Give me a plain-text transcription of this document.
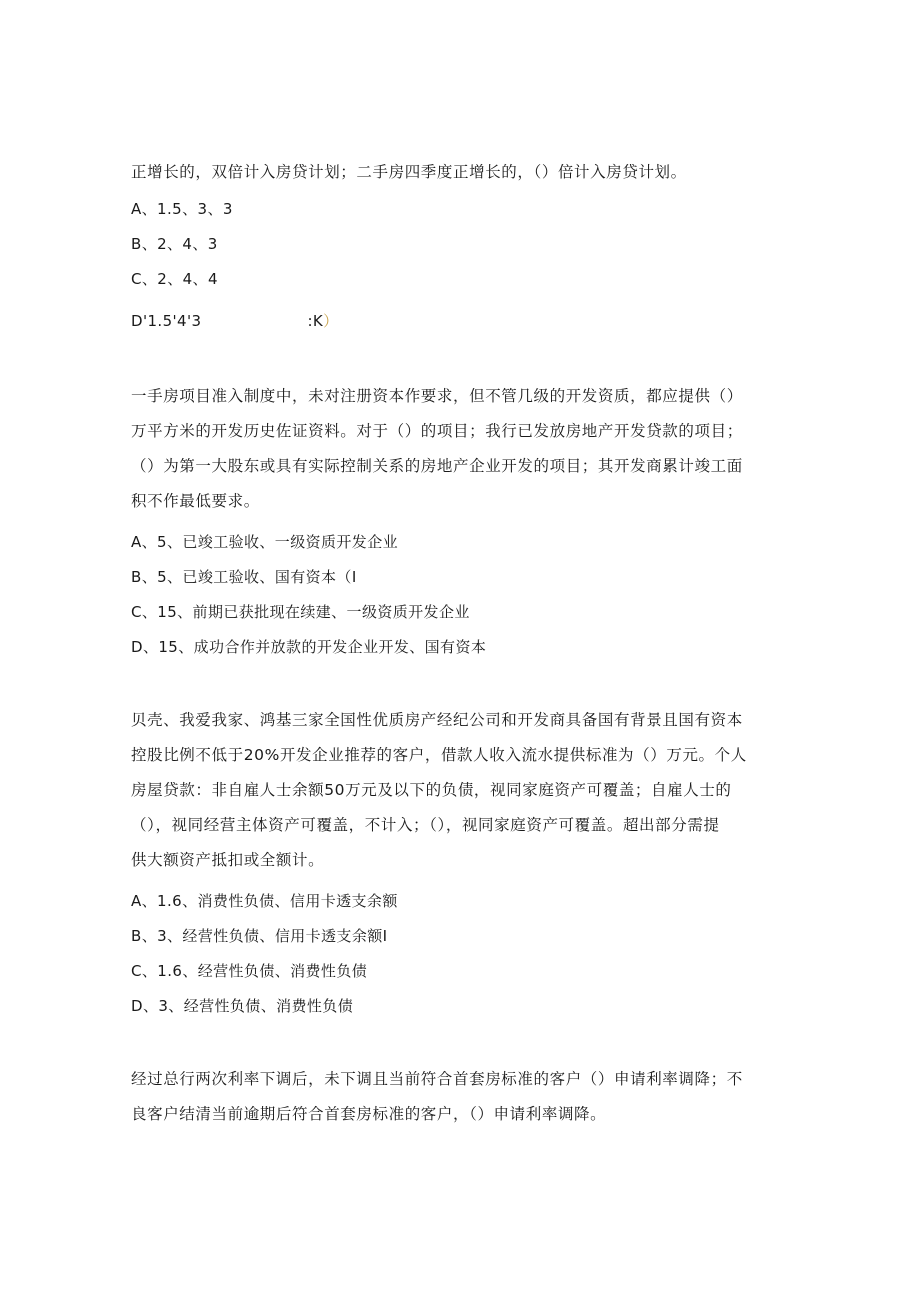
正增长的，双倍计入房贷计划；二手房四季度正增长的，（）倍计入房贷计划。
A、1.5、3、3
B、2、4、3
C、2、4、4
D'1.5'4'3	:K）
一手房项目准入制度中，未对注册资本作要求，但不管几级的开发资质，都应提供（）
万平方米的开发历史佐证资料。对于（）的项目；我行已发放房地产开发贷款的项目；
（）为第一大股东或具有实际控制关系的房地产企业开发的项目；其开发商累计竣工面
积不作最低要求。
A、5、已竣工验收、一级资质开发企业
B、5、已竣工验收、国有资本（I
C、15、前期已获批现在续建、一级资质开发企业
D、15、成功合作并放款的开发企业开发、国有资本
贝壳、我爱我家、鸿基三家全国性优质房产经纪公司和开发商具备国有背景且国有资本
控股比例不低于20%开发企业推荐的客户，借款人收入流水提供标准为（）万元。个人
房屋贷款：非自雇人士余额50万元及以下的负债，视同家庭资产可覆盖；自雇人士的
（），视同经营主体资产可覆盖，不计入；（），视同家庭资产可覆盖。超出部分需提
供大额资产抵扣或全额计。
A、1.6、消费性负债、信用卡透支余额
B、3、经营性负债、信用卡透支余额I
C、1.6、经营性负债、消费性负债
D、3、经营性负债、消费性负债
经过总行两次利率下调后，未下调且当前符合首套房标准的客户（）申请利率调降；不
良客户结清当前逾期后符合首套房标准的客户，（）申请利率调降。
